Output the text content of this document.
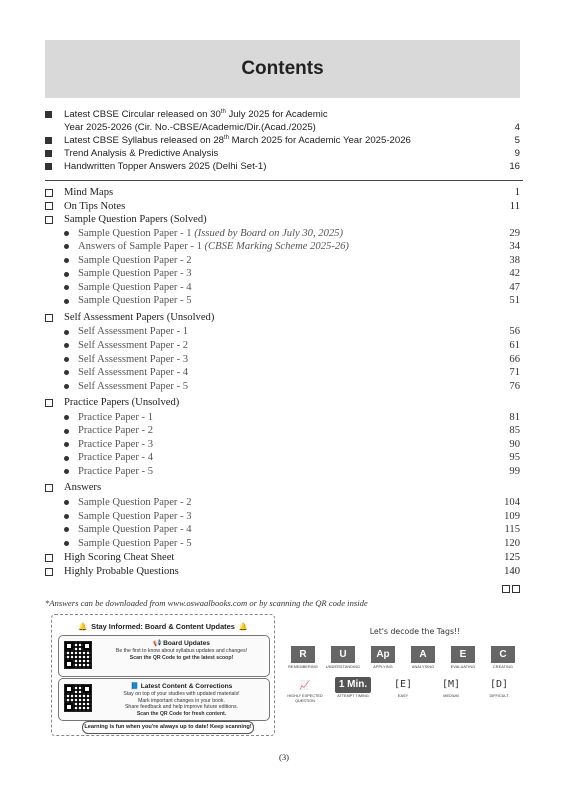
Contents
Latest CBSE Circular released on 30th July 2025 for Academic
Year 2025-2026 (Cir. No.-CBSE/Academic/Dir.(Acad./2025)	4
Latest CBSE Syllabus released on 28th March 2025 for Academic Year 2025-2026	5
Trend Analysis & Predictive Analysis	9
Handwritten Topper Answers 2025 (Delhi Set-1)	16
Mind Maps	1
On Tips Notes	11
Sample Question Papers (Solved)
Sample Question Paper - 1 (Issued by Board on July 30, 2025)	29
Answers of Sample Paper - 1 (CBSE Marking Scheme 2025-26)	34
Sample Question Paper - 2	38
Sample Question Paper - 3	42
Sample Question Paper - 4	47
Sample Question Paper - 5	51
Self Assessment Papers (Unsolved)
Self Assessment Paper - 1	56
Self Assessment Paper - 2	61
Self Assessment Paper - 3	66
Self Assessment Paper - 4	71
Self Assessment Paper - 5	76
Practice Papers (Unsolved)
Practice Paper - 1	81
Practice Paper - 2	85
Practice Paper - 3	90
Practice Paper - 4	95
Practice Paper - 5	99
Answers
Sample Question Paper - 2	104
Sample Question Paper - 3	109
Sample Question Paper - 4	115
Sample Question Paper - 5	120
High Scoring Cheat Sheet	125
Highly Probable Questions	140
*Answers can be downloaded from www.oswaalbooks.com or by scanning the QR code inside
🔔 Stay Informed: Board & Content Updates 🔔
📢 Board Updates
Be the first to know about syllabus updates and changes!
Scan the QR Code to get the latest scoop!
📘 Latest Content & Corrections
Stay on top of your studies with updated materials!
Mark important changes in your book.
Share feedback and help improve future editions.
Scan the QR Code for fresh content.
Learning is fun when you're always up to date! Keep scanning!
Let's decode the Tags!!
R
REMEMBERING
U
UNDERSTANDING
Ap
APPLYING
A
ANALYSING
E
EVALUATING
C
CREATING
📈
HIGHLY EXPECTED QUESTION
1 Min.
ATTEMPT TIMING
[E]
EASY
[M]
MEDIUM
[D]
DIFFICULT
(3)
